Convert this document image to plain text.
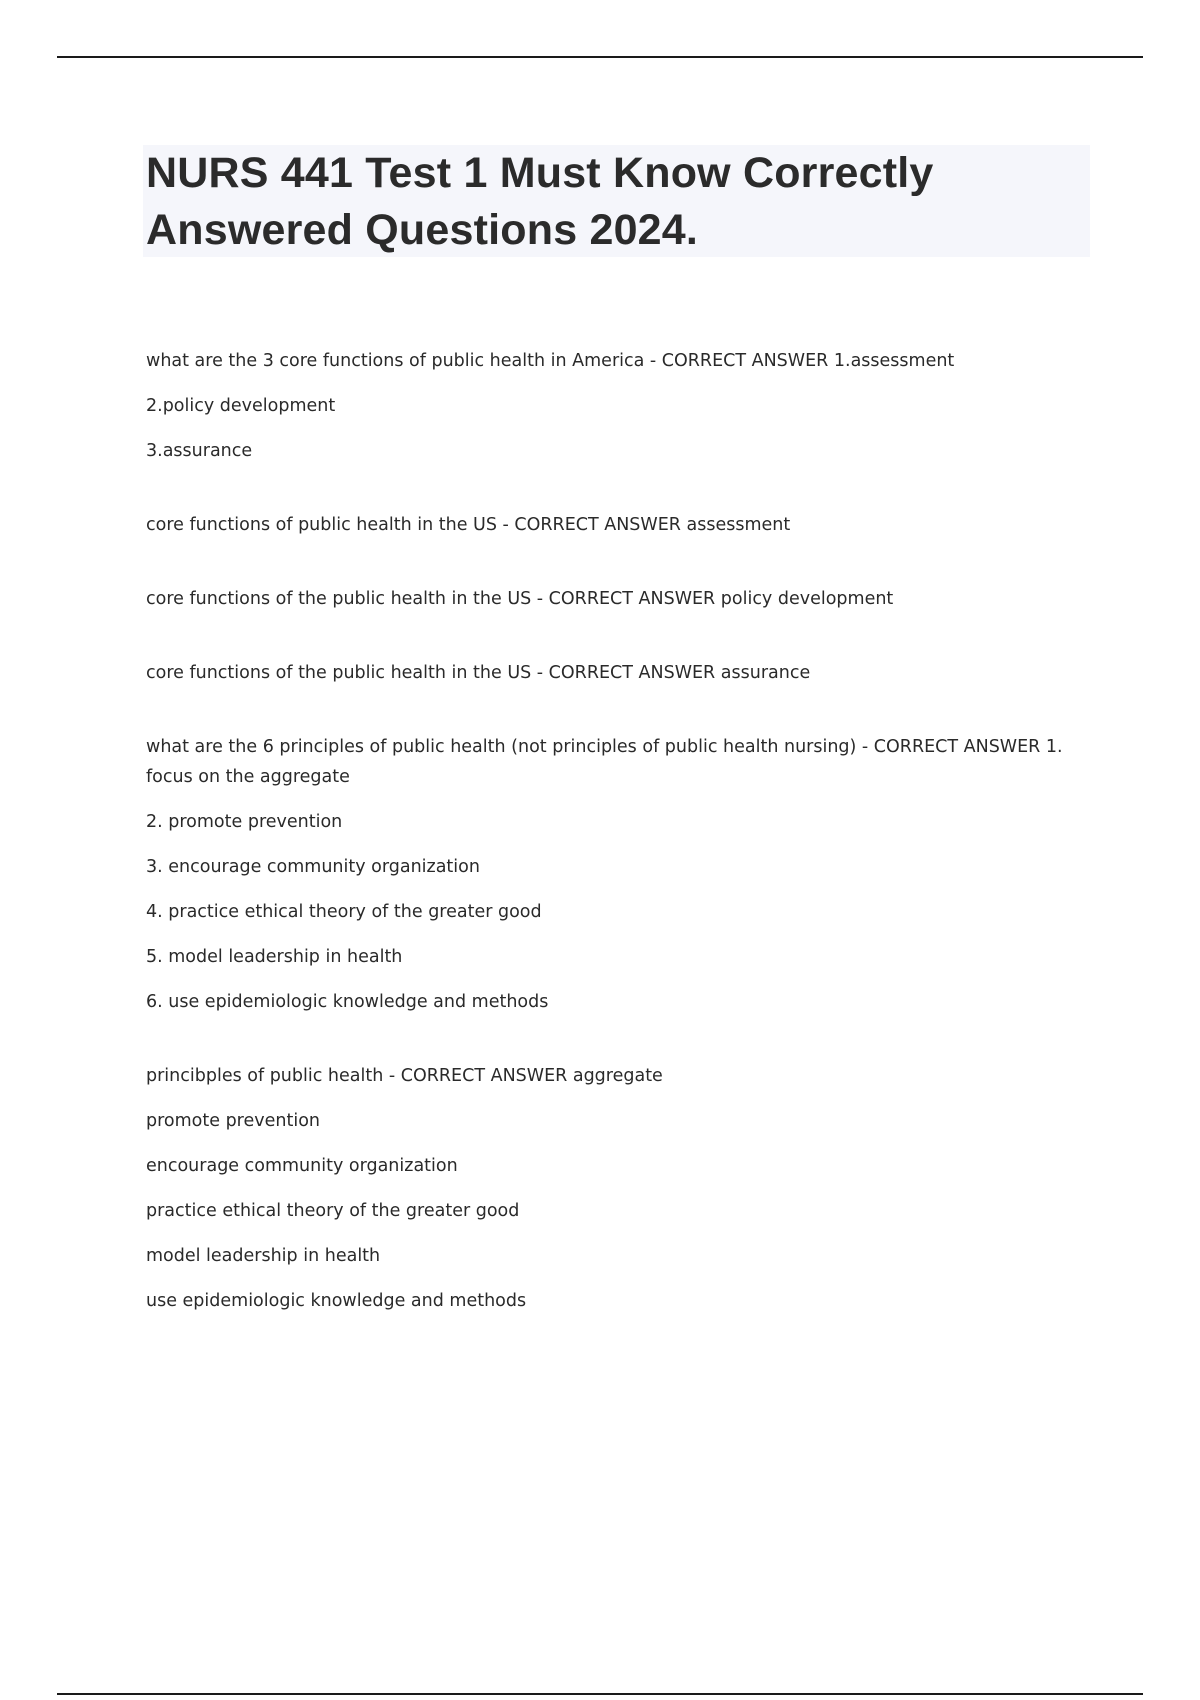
NURS 441 Test 1 Must Know Correctly Answered Questions 2024.

what are the 3 core functions of public health in America - CORRECT ANSWER 1.assessment

2.policy development

3.assurance

core functions of public health in the US - CORRECT ANSWER assessment

core functions of the public health in the US - CORRECT ANSWER policy development

core functions of the public health in the US - CORRECT ANSWER assurance

what are the 6 principles of public health (not principles of public health nursing) - CORRECT ANSWER 1. focus on the aggregate

2. promote prevention

3. encourage community organization

4. practice ethical theory of the greater good

5. model leadership in health

6. use epidemiologic knowledge and methods

princibples of public health - CORRECT ANSWER aggregate

promote prevention

encourage community organization

practice ethical theory of the greater good

model leadership in health

use epidemiologic knowledge and methods
